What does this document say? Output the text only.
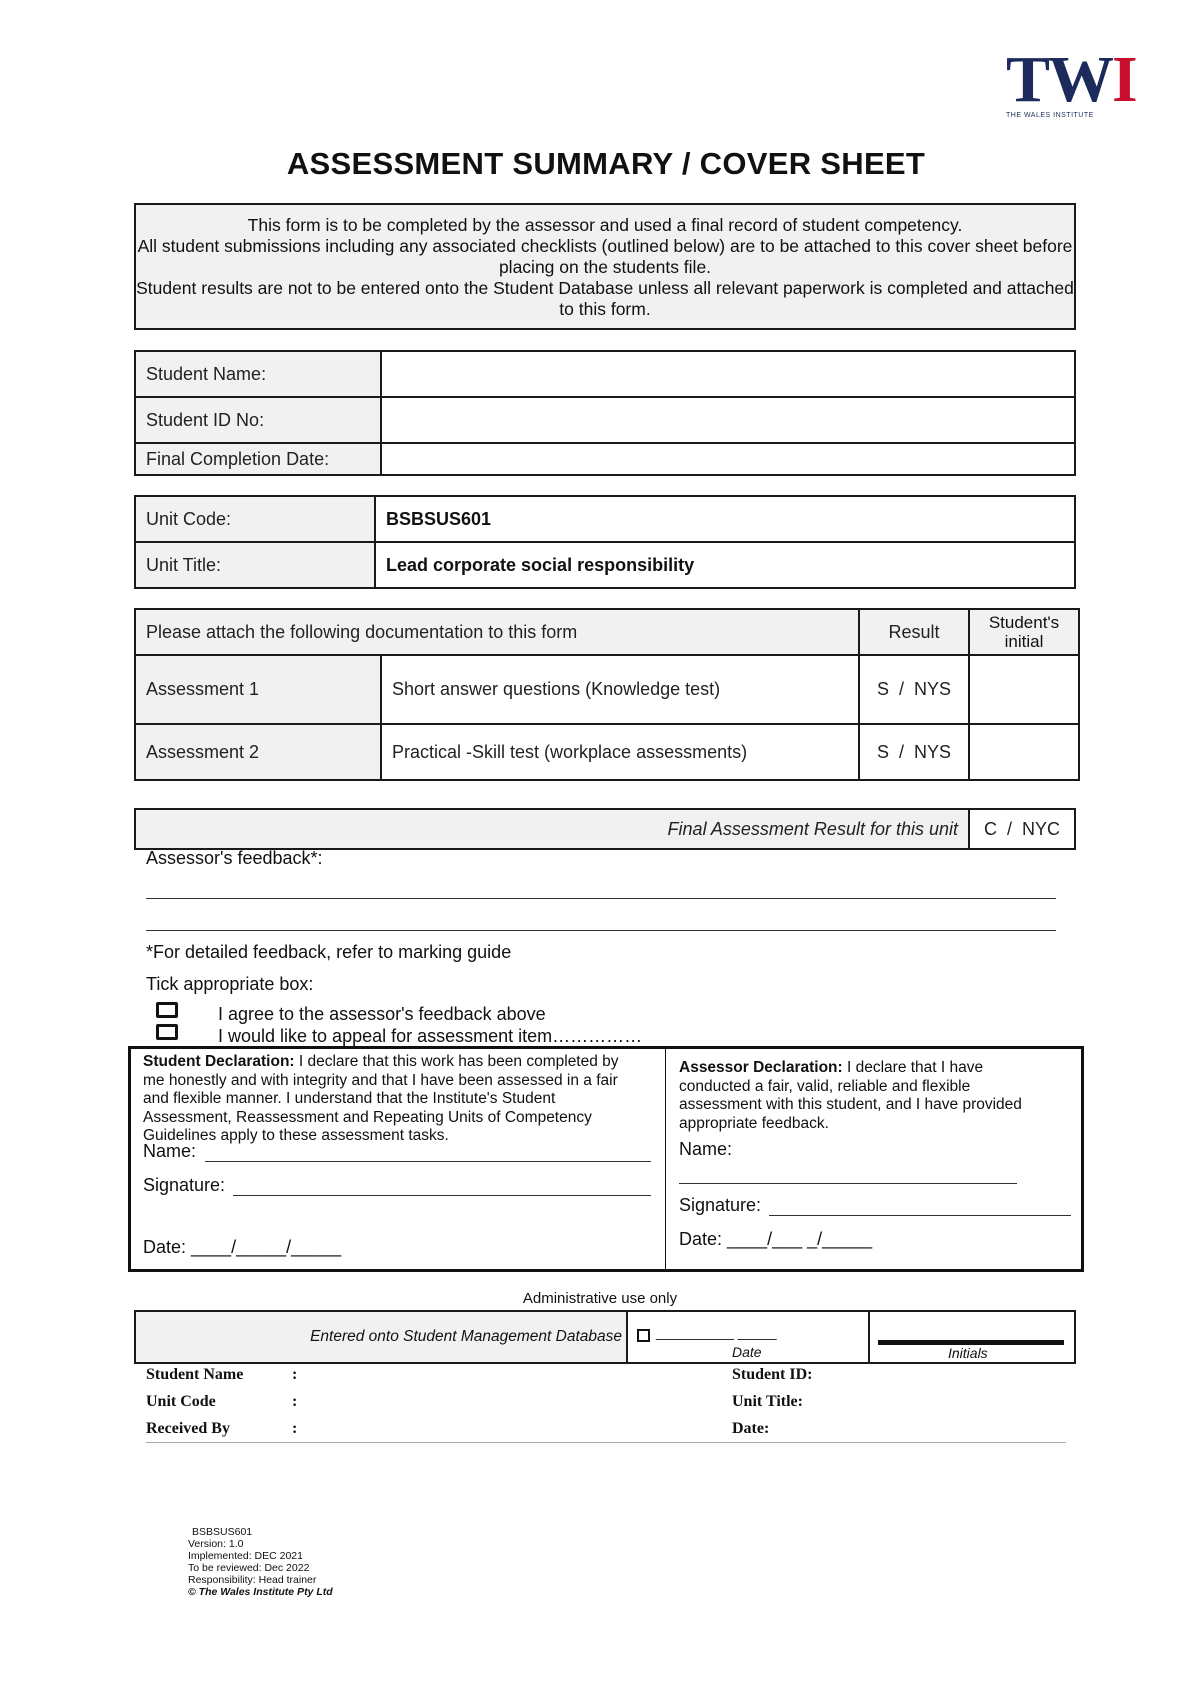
TWI
THE WALES INSTITUTE
ASSESSMENT SUMMARY / COVER SHEET

This form is to be completed by the assessor and used a final record of student competency.

All student submissions including any associated checklists (outlined below) are to be attached to this cover sheet before placing on the students file.

Student results are not to be entered onto the Student Database unless all relevant paperwork is completed and attached to this form.

Student Name:	
Student ID No:	
Final Completion Date:	
Unit Code:	BSBSUS601
Unit Title:	Lead corporate social responsibility
Please attach the following documentation to this form		Result	Student's initial
Assessment 1	Short answer questions (Knowledge test)	S  /  NYS	
Assessment 2	Practical -Skill test (workplace assessments)	S  /  NYS	
Final Assessment Result for this unit	C  /  NYC
Assessor's feedback*:
*For detailed feedback, refer to marking guide
Tick appropriate box:
I agree to the assessor's feedback above
I would like to appeal for assessment item……………
Student Declaration: I declare that this work has been completed by
me honestly and with integrity and that I have been assessed in a fair
and flexible manner. I understand that the Institute's Student
Assessment, Reassessment and Repeating Units of Competency
Guidelines apply to these assessment tasks.
Name:
Signature:
Date: ____/_____/_____
Assessor Declaration: I declare that I have
conducted a fair, valid, reliable and flexible
assessment with this student, and I have provided
appropriate feedback.
Name:
Signature:
Date: ____/___ _/_____
Administrative use only
Entered onto Student Management Database __________ _____
Date	Initials
Student Name	:
Unit Code	:
Received By	:
Student ID:
Unit Title:
Date:
BSBSUS601
Version: 1.0
Implemented: DEC 2021
To be reviewed: Dec 2022
Responsibility: Head trainer
© The Wales Institute Pty Ltd
